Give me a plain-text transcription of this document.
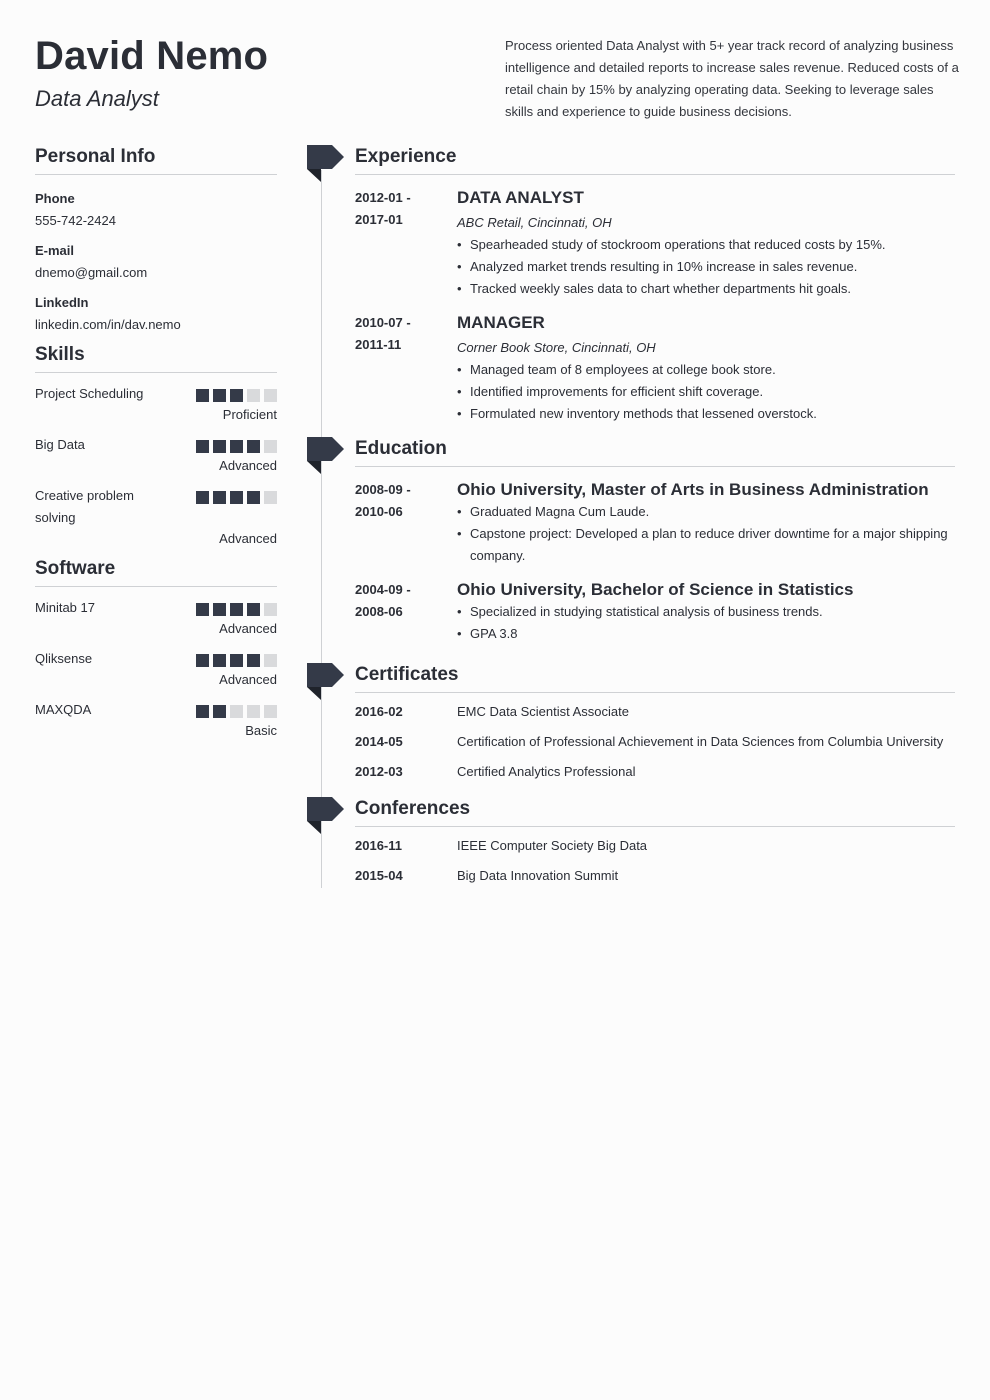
David Nemo
Data Analyst
Process oriented Data Analyst with 5+ year track record of analyzing business intelligence and detailed reports to increase sales revenue. Reduced costs of a retail chain by 15% by analyzing operating data. Seeking to leverage sales skills and experience to guide business decisions.
Personal Info
Phone
555-742-2424
E-mail
dnemo@gmail.com
LinkedIn
linkedin.com/in/dav.nemo
Skills
Project Scheduling
Proficient
Big Data
Advanced
Creative problem solving
Advanced
Software
Minitab 17
Advanced
Qliksense
Advanced
MAXQDA
Basic
Experience
2012-01 -
2017-01
DATA ANALYST
ABC Retail, Cincinnati, OH
• Spearheaded study of stockroom operations that reduced costs by 15%.
• Analyzed market trends resulting in 10% increase in sales revenue.
• Tracked weekly sales data to chart whether departments hit goals.
2010-07 -
2011-11
MANAGER
Corner Book Store, Cincinnati, OH
• Managed team of 8 employees at college book store.
• Identified improvements for efficient shift coverage.
• Formulated new inventory methods that lessened overstock.
Education
2008-09 -
2010-06
Ohio University, Master of Arts in Business Administration
• Graduated Magna Cum Laude.
• Capstone project: Developed a plan to reduce driver downtime for a major shipping company.
2004-09 -
2008-06
Ohio University, Bachelor of Science in Statistics
• Specialized in studying statistical analysis of business trends.
• GPA 3.8
Certificates
2016-02	EMC Data Scientist Associate
2014-05	Certification of Professional Achievement in Data Sciences from Columbia University
2012-03	Certified Analytics Professional
Conferences
2016-11	IEEE Computer Society Big Data
2015-04	Big Data Innovation Summit
